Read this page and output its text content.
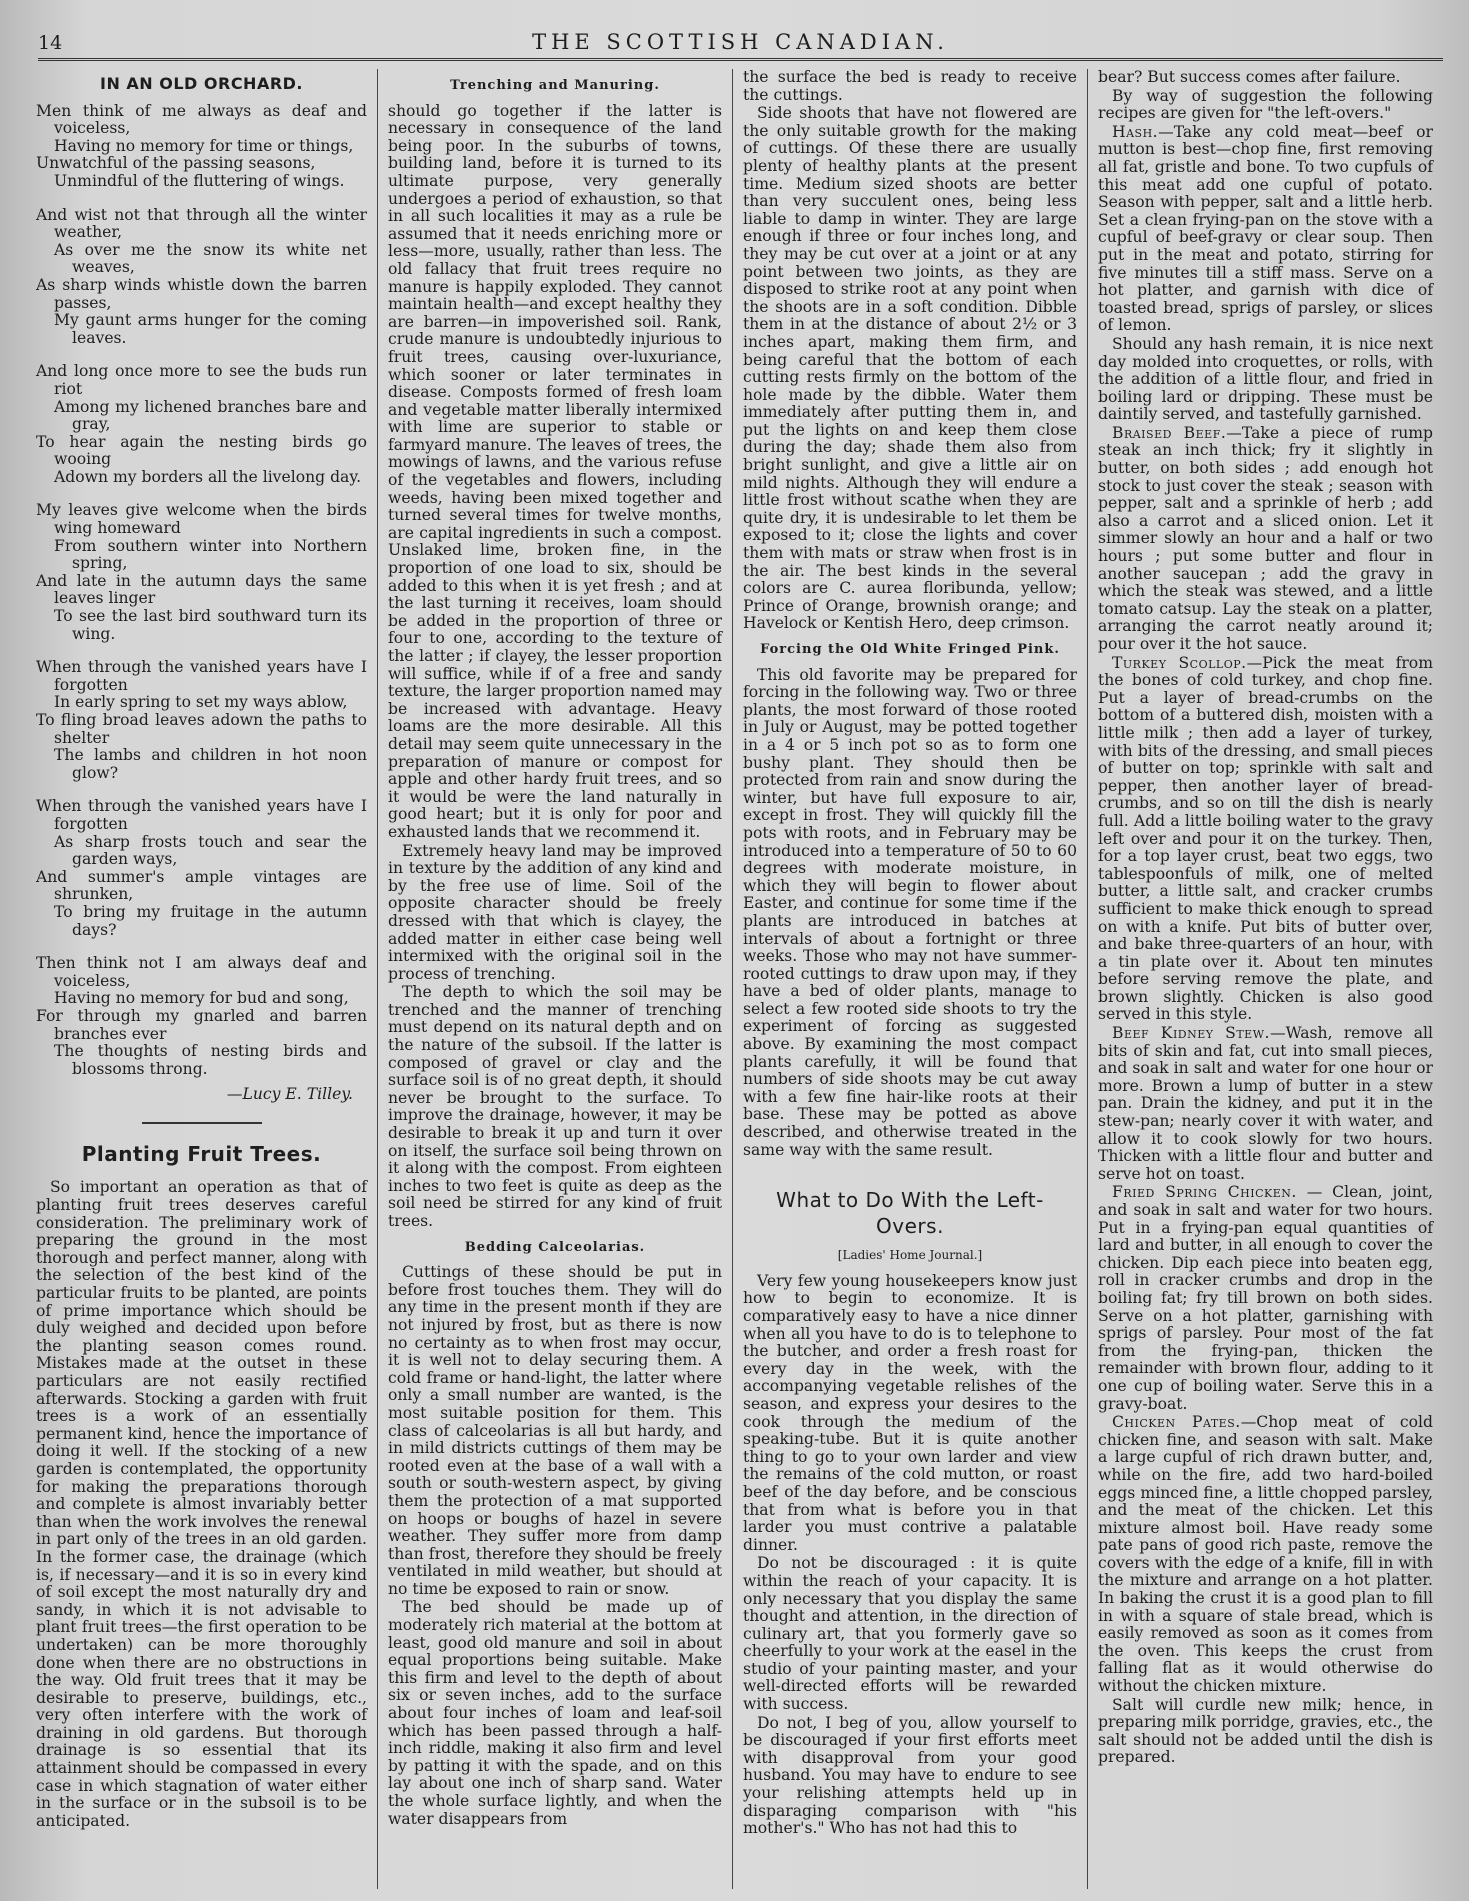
14	THE SCOTTISH CANADIAN.
IN AN OLD ORCHARD.
Men think of me always as deaf and voiceless,
Having no memory for time or things,
Unwatchful of the passing seasons,
Unmindful of the fluttering of wings.
And wist not that through all the winter weather,
As over me the snow its white net weaves,
As sharp winds whistle down the barren passes,
My gaunt arms hunger for the coming leaves.
And long once more to see the buds run riot
Among my lichened branches bare and gray,
To hear again the nesting birds go wooing
Adown my borders all the livelong day.
My leaves give welcome when the birds wing homeward
From southern winter into Northern spring,
And late in the autumn days the same leaves linger
To see the last bird southward turn its wing.
When through the vanished years have I forgotten
In early spring to set my ways ablow,
To fling broad leaves adown the paths to shelter
The lambs and children in hot noon glow?
When through the vanished years have I forgotten
As sharp frosts touch and sear the garden ways,
And summer's ample vintages are shrunken,
To bring my fruitage in the autumn days?
Then think not I am always deaf and voiceless,
Having no memory for bud and song,
For through my gnarled and barren branches ever
The thoughts of nesting birds and blossoms throng.
—Lucy E. Tilley.
Planting Fruit Trees.

So important an operation as that of planting fruit trees deserves careful consideration. The preliminary work of preparing the ground in the most thorough and perfect manner, along with the selection of the best kind of the particular fruits to be planted, are points of prime importance which should be duly weighed and decided upon before the planting season comes round. Mistakes made at the outset in these particulars are not easily rectified afterwards. Stocking a garden with fruit trees is a work of an essentially permanent kind, hence the importance of doing it well. If the stocking of a new garden is contemplated, the opportunity for making the preparations thorough and complete is almost invariably better than when the work involves the renewal in part only of the trees in an old garden. In the former case, the drainage (which is, if necessary—and it is so in every kind of soil except the most naturally dry and sandy, in which it is not advisable to plant fruit trees—the first operation to be undertaken) can be more thoroughly done when there are no obstructions in the way. Old fruit trees that it may be desirable to preserve, buildings, etc., very often interfere with the work of draining in old gardens. But thorough drainage is so essential that its attainment should be compassed in every case in which stagnation of water either in the surface or in the subsoil is to be anticipated.

Trenching and Manuring.

should go together if the latter is necessary in consequence of the land being poor. In the suburbs of towns, building land, before it is turned to its ultimate purpose, very generally undergoes a period of exhaustion, so that in all such localities it may as a rule be assumed that it needs enriching more or less—more, usually, rather than less. The old fallacy that fruit trees require no manure is happily exploded. They cannot maintain health—and except healthy they are barren—in impoverished soil. Rank, crude manure is undoubtedly injurious to fruit trees, causing over-luxuriance, which sooner or later terminates in disease. Composts formed of fresh loam and vegetable matter liberally intermixed with lime are superior to stable or farmyard manure. The leaves of trees, the mowings of lawns, and the various refuse of the vegetables and flowers, including weeds, having been mixed together and turned several times for twelve months, are capital ingredients in such a compost. Unslaked lime, broken fine, in the proportion of one load to six, should be added to this when it is yet fresh ; and at the last turning it receives, loam should be added in the proportion of three or four to one, according to the texture of the latter ; if clayey, the lesser proportion will suffice, while if of a free and sandy texture, the larger proportion named may be increased with advantage. Heavy loams are the more desirable. All this detail may seem quite unnecessary in the preparation of manure or compost for apple and other hardy fruit trees, and so it would be were the land naturally in good heart; but it is only for poor and exhausted lands that we recommend it.

Extremely heavy land may be improved in texture by the addition of any kind and by the free use of lime. Soil of the opposite character should be freely dressed with that which is clayey, the added matter in either case being well intermixed with the original soil in the process of trenching.

The depth to which the soil may be trenched and the manner of trenching must depend on its natural depth and on the nature of the subsoil. If the latter is composed of gravel or clay and the surface soil is of no great depth, it should never be brought to the surface. To improve the drainage, however, it may be desirable to break it up and turn it over on itself, the surface soil being thrown on it along with the compost. From eighteen inches to two feet is quite as deep as the soil need be stirred for any kind of fruit trees.

Bedding Calceolarias.

Cuttings of these should be put in before frost touches them. They will do any time in the present month if they are not injured by frost, but as there is now no certainty as to when frost may occur, it is well not to delay securing them. A cold frame or hand-light, the latter where only a small number are wanted, is the most suitable position for them. This class of calceolarias is all but hardy, and in mild districts cuttings of them may be rooted even at the base of a wall with a south or south-western aspect, by giving them the protection of a mat supported on hoops or boughs of hazel in severe weather. They suffer more from damp than frost, therefore they should be freely ventilated in mild weather, but should at no time be exposed to rain or snow.

The bed should be made up of moderately rich material at the bottom at least, good old manure and soil in about equal proportions being suitable. Make this firm and level to the depth of about six or seven inches, add to the surface about four inches of loam and leaf-soil which has been passed through a half-inch riddle, making it also firm and level by patting it with the spade, and on this lay about one inch of sharp sand. Water the whole surface lightly, and when the water disappears from

the surface the bed is ready to receive the cuttings.

Side shoots that have not flowered are the only suitable growth for the making of cuttings. Of these there are usually plenty of healthy plants at the present time. Medium sized shoots are better than very succulent ones, being less liable to damp in winter. They are large enough if three or four inches long, and they may be cut over at a joint or at any point between two joints, as they are disposed to strike root at any point when the shoots are in a soft condition. Dibble them in at the distance of about 2½ or 3 inches apart, making them firm, and being careful that the bottom of each cutting rests firmly on the bottom of the hole made by the dibble. Water them immediately after putting them in, and put the lights on and keep them close during the day; shade them also from bright sunlight, and give a little air on mild nights. Although they will endure a little frost without scathe when they are quite dry, it is undesirable to let them be exposed to it; close the lights and cover them with mats or straw when frost is in the air. The best kinds in the several colors are C. aurea floribunda, yellow; Prince of Orange, brownish orange; and Havelock or Kentish Hero, deep crimson.

Forcing the Old White Fringed Pink.

This old favorite may be prepared for forcing in the following way. Two or three plants, the most forward of those rooted in July or August, may be potted together in a 4 or 5 inch pot so as to form one bushy plant. They should then be protected from rain and snow during the winter, but have full exposure to air, except in frost. They will quickly fill the pots with roots, and in February may be introduced into a temperature of 50 to 60 degrees with moderate moisture, in which they will begin to flower about Easter, and continue for some time if the plants are introduced in batches at intervals of about a fortnight or three weeks. Those who may not have summer-rooted cuttings to draw upon may, if they have a bed of older plants, manage to select a few rooted side shoots to try the experiment of forcing as suggested above. By examining the most compact plants carefully, it will be found that numbers of side shoots may be cut away with a few fine hair-like roots at their base. These may be potted as above described, and otherwise treated in the same way with the same result.

What to Do With the Left-Overs.
[Ladies' Home Journal.]

Very few young housekeepers know just how to begin to economize. It is comparatively easy to have a nice dinner when all you have to do is to telephone to the butcher, and order a fresh roast for every day in the week, with the accompanying vegetable relishes of the season, and express your desires to the cook through the medium of the speaking-tube. But it is quite another thing to go to your own larder and view the remains of the cold mutton, or roast beef of the day before, and be conscious that from what is before you in that larder you must contrive a palatable dinner.

Do not be discouraged : it is quite within the reach of your capacity. It is only necessary that you display the same thought and attention, in the direction of culinary art, that you formerly gave so cheerfully to your work at the easel in the studio of your painting master, and your well-directed efforts will be rewarded with success.

Do not, I beg of you, allow yourself to be discouraged if your first efforts meet with disapproval from your good husband. You may have to endure to see your relishing attempts held up in disparaging comparison with "his mother's." Who has not had this to

bear? But success comes after failure.

By way of suggestion the following recipes are given for "the left-overs."

Hash.—Take any cold meat—beef or mutton is best—chop fine, first removing all fat, gristle and bone. To two cupfuls of this meat add one cupful of potato. Season with pepper, salt and a little herb. Set a clean frying-pan on the stove with a cupful of beef-gravy or clear soup. Then put in the meat and potato, stirring for five minutes till a stiff mass. Serve on a hot platter, and garnish with dice of toasted bread, sprigs of parsley, or slices of lemon.

Should any hash remain, it is nice next day molded into croquettes, or rolls, with the addition of a little flour, and fried in boiling lard or dripping. These must be daintily served, and tastefully garnished.

Braised Beef.—Take a piece of rump steak an inch thick; fry it slightly in butter, on both sides ; add enough hot stock to just cover the steak ; season with pepper, salt and a sprinkle of herb ; add also a carrot and a sliced onion. Let it simmer slowly an hour and a half or two hours ; put some butter and flour in another saucepan ; add the gravy in which the steak was stewed, and a little tomato catsup. Lay the steak on a platter, arranging the carrot neatly around it; pour over it the hot sauce.

Turkey Scollop.—Pick the meat from the bones of cold turkey, and chop fine. Put a layer of bread-crumbs on the bottom of a buttered dish, moisten with a little milk ; then add a layer of turkey, with bits of the dressing, and small pieces of butter on top; sprinkle with salt and pepper, then another layer of bread-crumbs, and so on till the dish is nearly full. Add a little boiling water to the gravy left over and pour it on the turkey. Then, for a top layer crust, beat two eggs, two tablespoonfuls of milk, one of melted butter, a little salt, and cracker crumbs sufficient to make thick enough to spread on with a knife. Put bits of butter over, and bake three-quarters of an hour, with a tin plate over it. About ten minutes before serving remove the plate, and brown slightly. Chicken is also good served in this style.

Beef Kidney Stew.—Wash, remove all bits of skin and fat, cut into small pieces, and soak in salt and water for one hour or more. Brown a lump of butter in a stew pan. Drain the kidney, and put it in the stew-pan; nearly cover it with water, and allow it to cook slowly for two hours. Thicken with a little flour and butter and serve hot on toast.

Fried Spring Chicken. — Clean, joint, and soak in salt and water for two hours. Put in a frying-pan equal quantities of lard and butter, in all enough to cover the chicken. Dip each piece into beaten egg, roll in cracker crumbs and drop in the boiling fat; fry till brown on both sides. Serve on a hot platter, garnishing with sprigs of parsley. Pour most of the fat from the frying-pan, thicken the remainder with brown flour, adding to it one cup of boiling water. Serve this in a gravy-boat.

Chicken Pates.—Chop meat of cold chicken fine, and season with salt. Make a large cupful of rich drawn butter, and, while on the fire, add two hard-boiled eggs minced fine, a little chopped parsley, and the meat of the chicken. Let this mixture almost boil. Have ready some pate pans of good rich paste, remove the covers with the edge of a knife, fill in with the mixture and arrange on a hot platter. In baking the crust it is a good plan to fill in with a square of stale bread, which is easily removed as soon as it comes from the oven. This keeps the crust from falling flat as it would otherwise do without the chicken mixture.

Salt will curdle new milk; hence, in preparing milk porridge, gravies, etc., the salt should not be added until the dish is prepared.
